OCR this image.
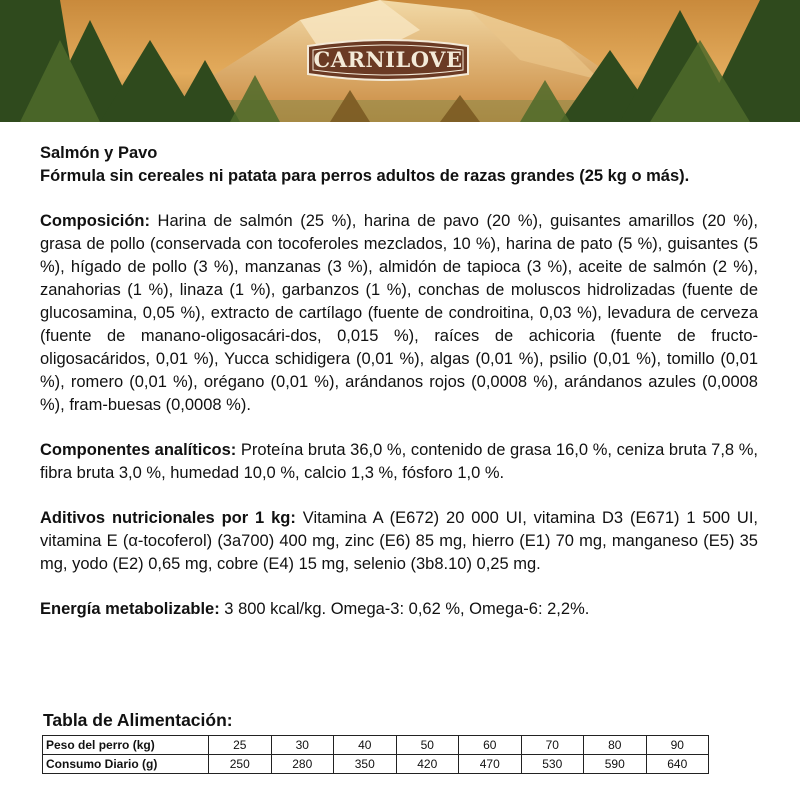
CARNILOVE

Salmón y Pavo

Fórmula sin cereales ni patata para perros adultos de razas grandes (25 kg o más).

Composición: Harina de salmón (25 %), harina de pavo (20 %), guisantes amarillos (20 %), grasa de pollo (conservada con tocoferoles mezclados, 10 %), harina de pato (5 %), guisantes (5 %), hígado de pollo (3 %), manzanas (3 %), almidón de tapioca (3 %), aceite de salmón (2 %), zanahorias (1 %), linaza (1 %), garbanzos (1 %), conchas de moluscos hidrolizadas (fuente de glucosamina, 0,05 %), extracto de cartílago (fuente de condroitina, 0,03 %), levadura de cerveza (fuente de manano-oligosacári-dos, 0,015 %), raíces de achicoria (fuente de fructo-oligosacáridos, 0,01 %), Yucca schidigera (0,01 %), algas (0,01 %), psilio (0,01 %), tomillo (0,01 %), romero (0,01 %), orégano (0,01 %), arándanos rojos (0,0008 %), arándanos azules (0,0008 %), fram-buesas (0,0008 %).

Componentes analíticos: Proteína bruta 36,0 %, contenido de grasa 16,0 %, ceniza bruta 7,8 %, fibra bruta 3,0 %, humedad 10,0 %, calcio 1,3 %, fósforo 1,0 %.

Aditivos nutricionales por 1 kg: Vitamina A (E672) 20 000 UI, vitamina D3 (E671) 1 500 UI, vitamina E (α-tocoferol) (3a700) 400 mg, zinc (E6) 85 mg, hierro (E1) 70 mg, manganeso (E5) 35 mg, yodo (E2) 0,65 mg, cobre (E4) 15 mg, selenio (3b8.10) 0,25 mg.

Energía metabolizable: 3 800 kcal/kg. Omega-3: 0,62 %, Omega-6: 2,2%.

Tabla de Alimentación:
Peso del perro (kg)	25	30	40	50	60	70	80	90
Consumo Diario (g)	250	280	350	420	470	530	590	640
